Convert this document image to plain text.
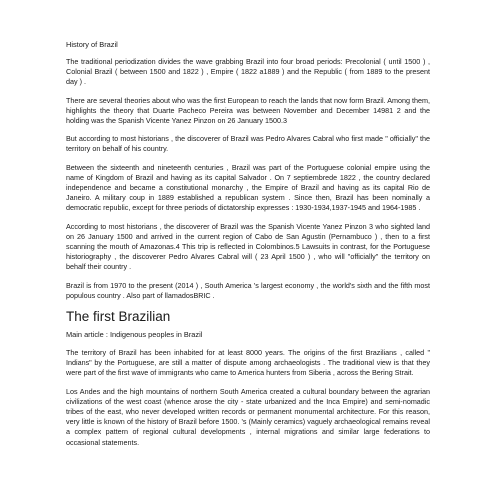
History of Brazil

The traditional periodization divides the wave grabbing Brazil into four broad periods: Precolonial ( until 1500 ) , Colonial Brazil ( between 1500 and 1822 ) , Empire ( 1822 a1889 ) and the Republic ( from 1889 to the present day ) .

There are several theories about who was the first European to reach the lands that now form Brazil. Among them, highlights the theory that Duarte Pacheco Pereira was between November and December 14981 2 and the holding was the Spanish Vicente Yanez Pinzon on 26 January 1500.3

But according to most historians , the discoverer of Brazil was Pedro Alvares Cabral who first made " officially" the territory on behalf of his country.

Between the sixteenth and nineteenth centuries , Brazil was part of the Portuguese colonial empire using the name of Kingdom of Brazil and having as its capital Salvador . On 7 septiembrede 1822 , the country declared independence and became a constitutional monarchy , the Empire of Brazil and having as its capital Rio de Janeiro. A military coup in 1889 established a republican system . Since then, Brazil has been nominally a democratic republic, except for three periods of dictatorship expresses : 1930-1934,1937-1945 and 1964-1985 .

According to most historians , the discoverer of Brazil was the Spanish Vicente Yanez Pinzon 3 who sighted land on 26 January 1500 and arrived in the current region of Cabo de San Agustin (Pernambuco ) , then to a first scanning the mouth of Amazonas.4 This trip is reflected in Colombinos.5 Lawsuits in contrast, for the Portuguese historiography , the discoverer Pedro Alvares Cabral will ( 23 April 1500 ) , who will "officially" the territory on behalf their country .

Brazil is from 1970 to the present (2014 ) , South America 's largest economy , the world's sixth and the fifth most populous country . Also part of llamadosBRIC .

The first Brazilian
Main article : Indigenous peoples in Brazil

The territory of Brazil has been inhabited for at least 8000 years. The origins of the first Brazilians , called " Indians" by the Portuguese, are still a matter of dispute among archaeologists . The traditional view is that they were part of the first wave of immigrants who came to America hunters from Siberia , across the Bering Strait.

Los Andes and the high mountains of northern South America created a cultural boundary between the agrarian civilizations of the west coast (whence arose the city - state urbanized and the Inca Empire) and semi-nomadic tribes of the east, who never developed written records or permanent monumental architecture. For this reason, very little is known of the history of Brazil before 1500. 's (Mainly ceramics) vaguely archaeological remains reveal a complex pattern of regional cultural developments , internal migrations and similar large federations to occasional statements.
